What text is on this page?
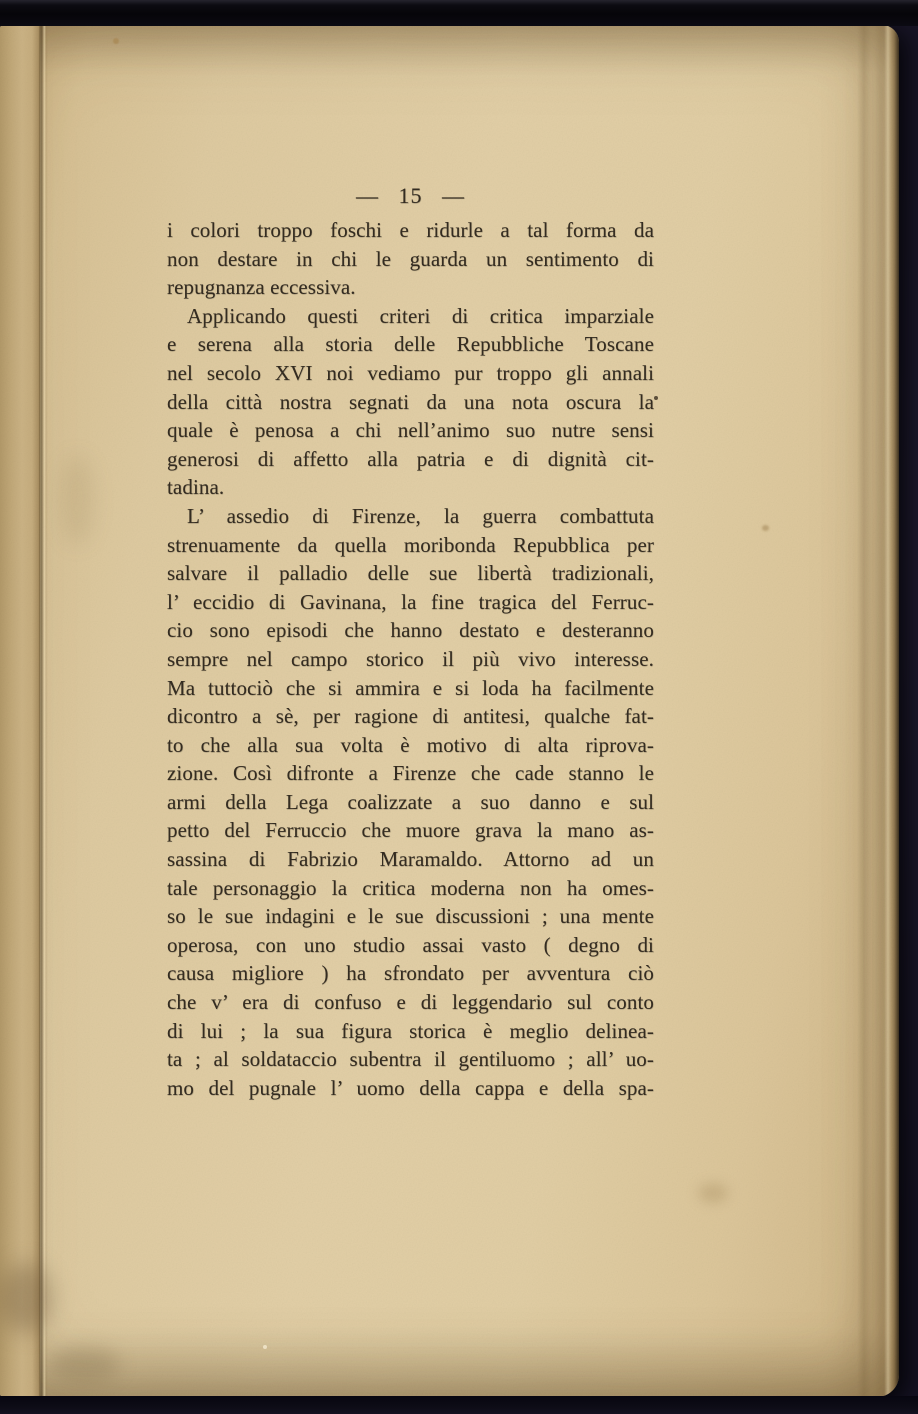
— 15 —
i colori troppo foschi e ridurle a tal forma da
non destare in chi le guarda un sentimento di
repugnanza eccessiva.
Applicando questi criteri di critica imparziale
e serena alla storia delle Repubbliche Toscane
nel secolo XVI noi vediamo pur troppo gli annali
della città nostra segnati da una nota oscura la
quale è penosa a chi nell’animo suo nutre sensi
generosi di affetto alla patria e di dignità cit-
tadina.
L’ assedio di Firenze, la guerra combattuta
strenuamente da quella moribonda Repubblica per
salvare il palladio delle sue libertà tradizionali,
l’ eccidio di Gavinana, la fine tragica del Ferruc-
cio sono episodi che hanno destato e desteranno
sempre nel campo storico il più vivo interesse.
Ma tuttociò che si ammira e si loda ha facilmente
dicontro a sè, per ragione di antitesi, qualche fat-
to che alla sua volta è motivo di alta riprova-
zione. Così difronte a Firenze che cade stanno le
armi della Lega coalizzate a suo danno e sul
petto del Ferruccio che muore grava la mano as-
sassina di Fabrizio Maramaldo. Attorno ad un
tale personaggio la critica moderna non ha omes-
so le sue indagini e le sue discussioni ; una mente
operosa, con uno studio assai vasto ( degno di
causa migliore ) ha sfrondato per avventura ciò
che v’ era di confuso e di leggendario sul conto
di lui ; la sua figura storica è meglio delinea-
ta ; al soldataccio subentra il gentiluomo ; all’ uo-
mo del pugnale l’ uomo della cappa e della spa-
